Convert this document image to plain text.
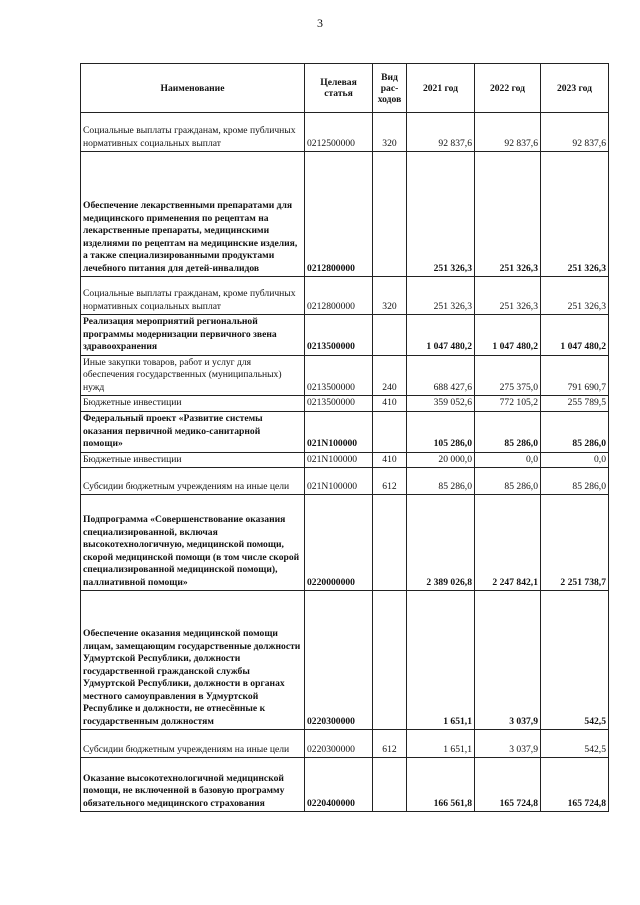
3
Наименование	Целевая статья	Вид рас-ходов	2021 год	2022 год	2023 год
Социальные выплаты гражданам, кроме публичных нормативных социальных выплат	0212500000	320	92 837,6	92 837,6	92 837,6
Обеспечение лекарственными препаратами для медицинского применения по рецептам на лекарственные препараты, медицинскими изделиями по рецептам на медицинские изделия, а также специализированными продуктами лечебного питания для детей-инвалидов	0212800000		251 326,3	251 326,3	251 326,3
Социальные выплаты гражданам, кроме публичных нормативных социальных выплат	0212800000	320	251 326,3	251 326,3	251 326,3
Реализация мероприятий региональной программы модернизации первичного звена здравоохранения	0213500000		1 047 480,2	1 047 480,2	1 047 480,2
Иные закупки товаров, работ и услуг для обеспечения государственных (муниципальных) нужд	0213500000	240	688 427,6	275 375,0	791 690,7
Бюджетные инвестиции	0213500000	410	359 052,6	772 105,2	255 789,5
Федеральный проект «Развитие системы оказания первичной медико-санитарной помощи»	021N100000		105 286,0	85 286,0	85 286,0
Бюджетные инвестиции	021N100000	410	20 000,0	0,0	0,0
Субсидии бюджетным учреждениям на иные цели	021N100000	612	85 286,0	85 286,0	85 286,0
Подпрограмма «Совершенствование оказания специализированной, включая высокотехнологичную, медицинской помощи, скорой медицинской помощи (в том числе скорой специализированной медицинской помощи), паллиативной помощи»	0220000000		2 389 026,8	2 247 842,1	2 251 738,7
Обеспечение оказания медицинской помощи лицам, замещающим государственные должности Удмуртской Республики, должности государственной гражданской службы Удмуртской Республики, должности в органах местного самоуправления в Удмуртской Республике и должности, не отнесённые к государственным должностям	0220300000		1 651,1	3 037,9	542,5
Субсидии бюджетным учреждениям на иные цели	0220300000	612	1 651,1	3 037,9	542,5
Оказание высокотехнологичной медицинской помощи, не включенной в базовую программу обязательного медицинского страхования	0220400000		166 561,8	165 724,8	165 724,8
